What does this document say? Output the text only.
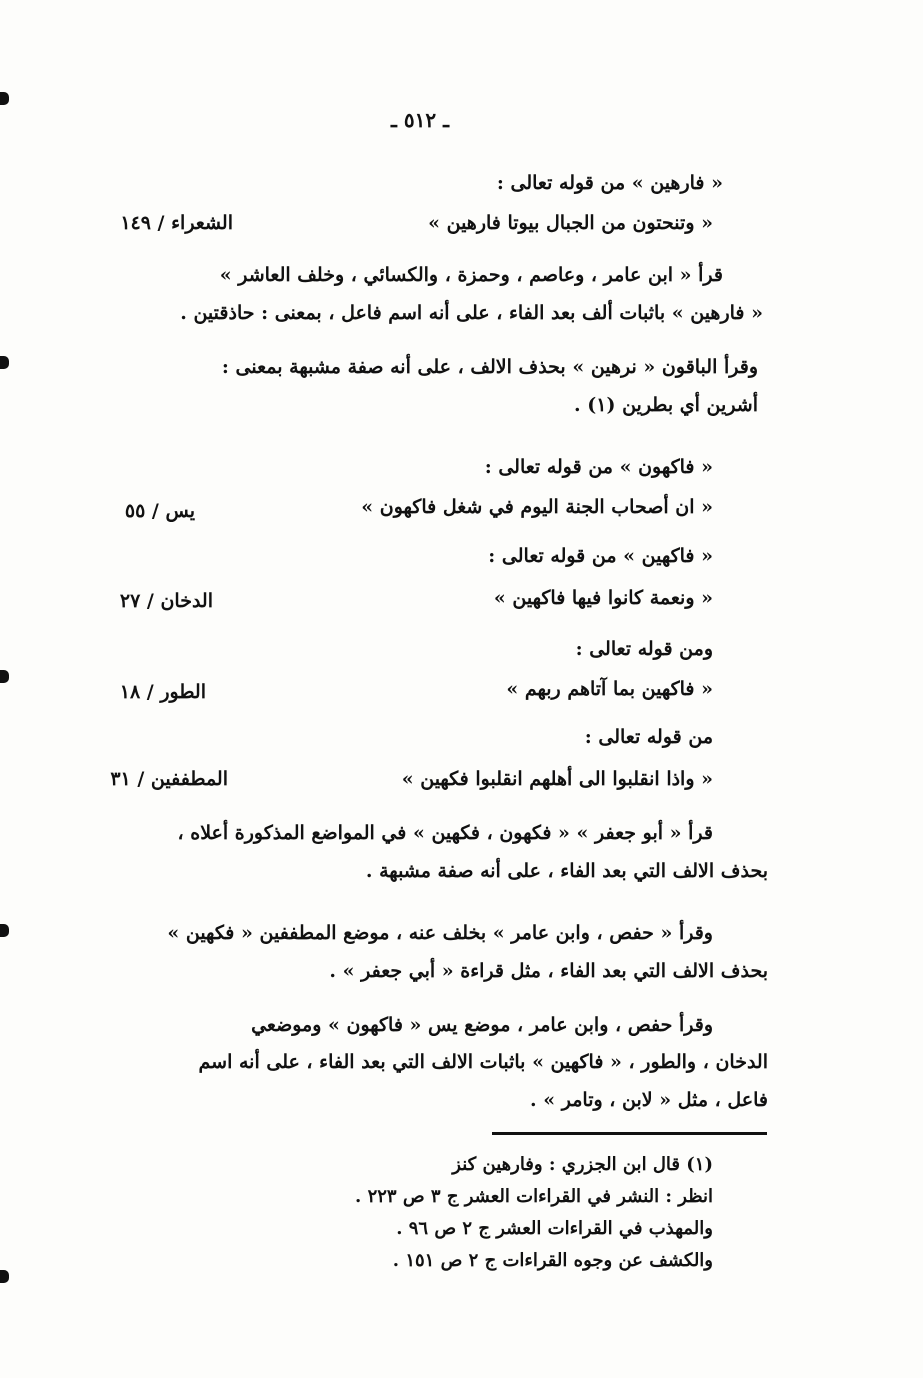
ـ ٥١٢ ـ
« فارهين » من قوله تعالى :
« وتنحتون من الجبال بيوتا فارهين »
الشعراء / ١٤٩
قرأ « ابن عامر ، وعاصم ، وحمزة ، والكسائي ، وخلف العاشر »
« فارهين » باثبات ألف بعد الفاء ، على أنه اسم فاعل ، بمعنى : حاذقتين .
وقرأ الباقون « نرهين » بحذف الالف ، على أنه صفة مشبهة بمعنى :
أشرين أي بطرين (١) .
« فاكهون » من قوله تعالى :
« ان أصحاب الجنة اليوم في شغل فاكهون »
يس / ٥٥
« فاكهين » من قوله تعالى :
« ونعمة كانوا فيها فاكهين »
الدخان / ٢٧
ومن قوله تعالى :
« فاكهين بما آتاهم ربهم »
الطور / ١٨
من قوله تعالى :
« واذا انقلبوا الى أهلهم انقلبوا فكهين »
المطففين / ٣١
قرأ « أبو جعفر » « فكهون ، فكهين » في المواضع المذكورة أعلاه ،
بحذف الالف التي بعد الفاء ، على أنه صفة مشبهة .
وقرأ « حفص ، وابن عامر » بخلف عنه ، موضع المطففين « فكهين »
بحذف الالف التي بعد الفاء ، مثل قراءة « أبي جعفر » .
وقرأ حفص ، وابن عامر ، موضع يس « فاكهون » وموضعي
الدخان ، والطور ، « فاكهين » باثبات الالف التي بعد الفاء ، على أنه اسم
فاعل ، مثل « لابن ، وتامر » .
(١) قال ابن الجزري : وفارهين كنز
انظر : النشر في القراءات العشر ج ٣ ص ٢٢٣ .
والمهذب في القراءات العشر ج ٢ ص ٩٦ .
والكشف عن وجوه القراءات ج ٢ ص ١٥١ .
